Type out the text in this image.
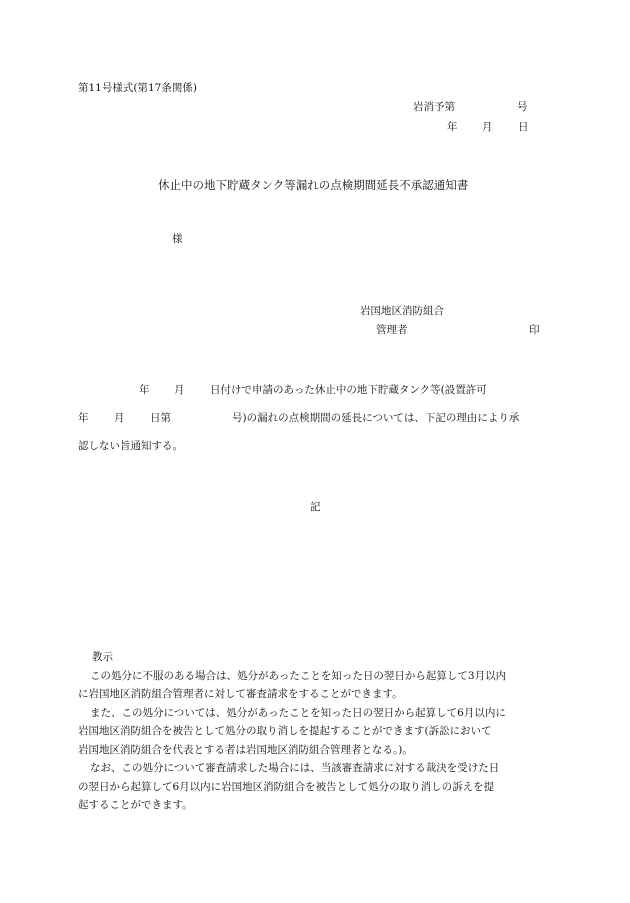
第11号様式(第17条関係)
岩消予第	号
年 月 日
休止中の地下貯蔵タンク等漏れの点検期間延長不承認通知書
様
岩国地区消防組合
管理者	印
年 月 日付けで申請のあった休止中の地下貯蔵タンク等(設置許可
年 月 日第	号)の漏れの点検期間の延長については、下記の理由により承
認しない旨通知する。
記
教示
この処分に不服のある場合は、処分があったことを知った日の翌日から起算して3月以内
に岩国地区消防組合管理者に対して審査請求をすることができます。
また、この処分については、処分があったことを知った日の翌日から起算して6月以内に
岩国地区消防組合を被告として処分の取り消しを提起することができます(訴訟において
岩国地区消防組合を代表とする者は岩国地区消防組合管理者となる。)。
なお、この処分について審査請求した場合には、当該審査請求に対する裁決を受けた日
の翌日から起算して6月以内に岩国地区消防組合を被告として処分の取り消しの訴えを提
起することができます。
